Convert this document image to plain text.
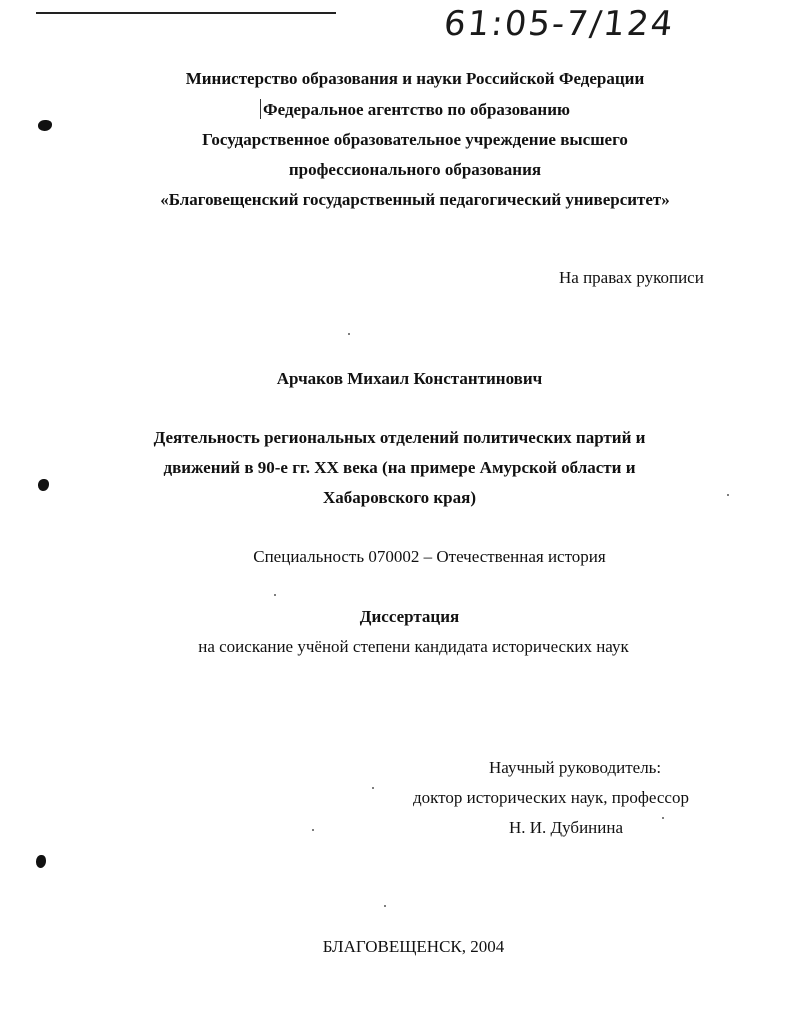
61:05-7/124
Министерство образования и науки Российской Федерации
Федеральное агентство по образованию
Государственное образовательное учреждение высшего
профессионального образования
«Благовещенский государственный педагогический университет»
На правах рукописи
Арчаков Михаил Константинович
Деятельность региональных отделений политических партий и
движений в 90-е гг. XX века (на примере Амурской области и
Хабаровского края)
Специальность 070002 – Отечественная история
Диссертация
на соискание учёной степени кандидата исторических наук
Научный руководитель:
доктор исторических наук, профессор
Н. И. Дубинина
БЛАГОВЕЩЕНСК, 2004
